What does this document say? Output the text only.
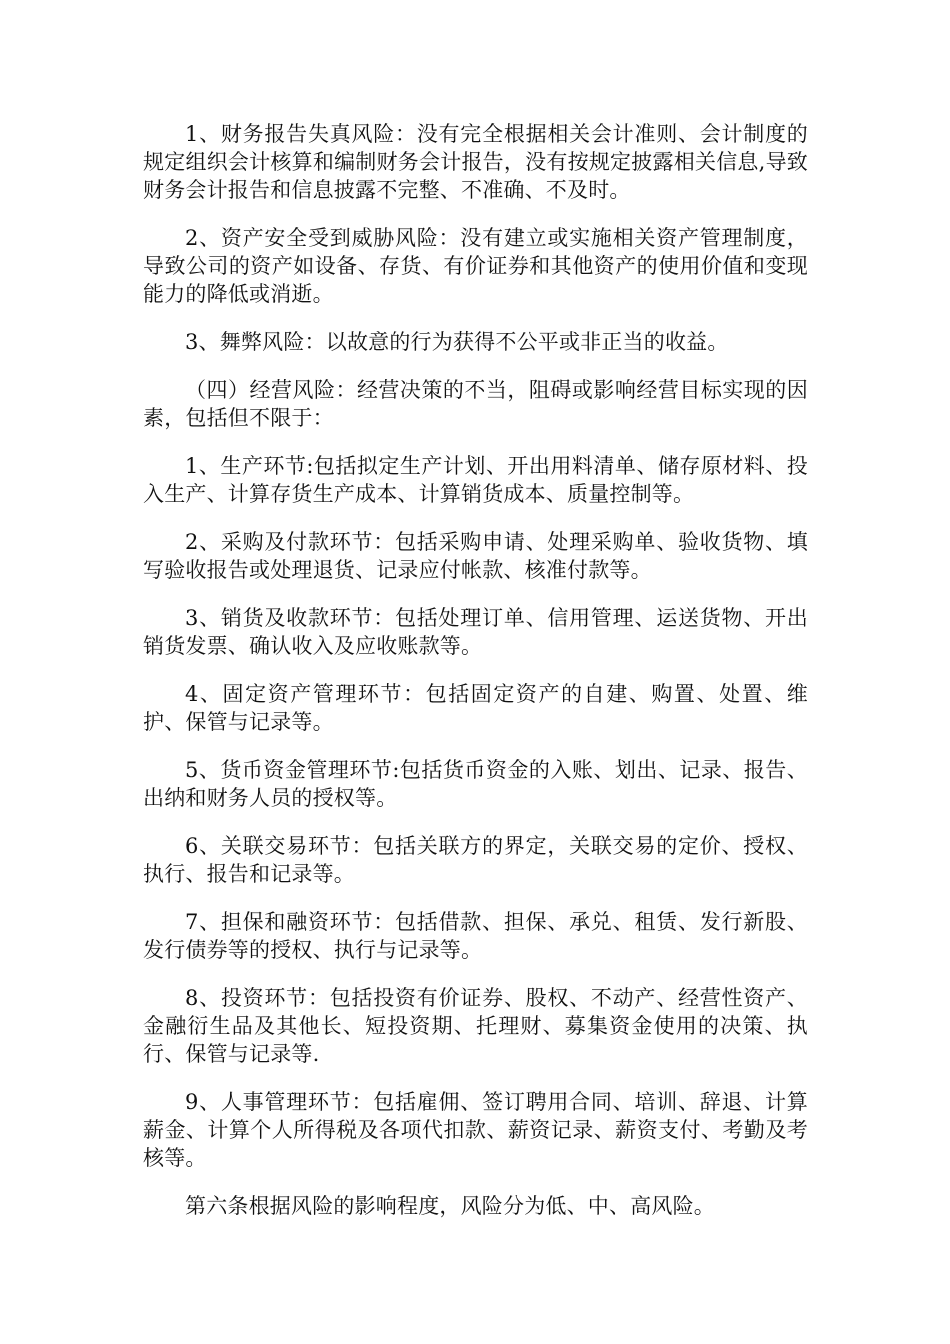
1、财务报告失真风险：没有完全根据相关会计准则、会计制度的规定组织会计核算和编制财务会计报告，没有按规定披露相关信息,导致财务会计报告和信息披露不完整、不准确、不及时。

2、资产安全受到威胁风险：没有建立或实施相关资产管理制度，导致公司的资产如设备、存货、有价证券和其他资产的使用价值和变现能力的降低或消逝。

3、舞弊风险：以故意的行为获得不公平或非正当的收益。

（四）经营风险：经营决策的不当，阻碍或影响经营目标实现的因素，包括但不限于：

1、生产环节:包括拟定生产计划、开出用料清单、储存原材料、投入生产、计算存货生产成本、计算销货成本、质量控制等。

2、采购及付款环节：包括采购申请、处理采购单、验收货物、填写验收报告或处理退货、记录应付帐款、核准付款等。

3、销货及收款环节：包括处理订单、信用管理、运送货物、开出销货发票、确认收入及应收账款等。

4、固定资产管理环节：包括固定资产的自建、购置、处置、维护、保管与记录等。

5、货币资金管理环节:包括货币资金的入账、划出、记录、报告、出纳和财务人员的授权等。

6、关联交易环节：包括关联方的界定，关联交易的定价、授权、执行、报告和记录等。

7、担保和融资环节：包括借款、担保、承兑、租赁、发行新股、发行债券等的授权、执行与记录等。

8、投资环节：包括投资有价证券、股权、不动产、经营性资产、金融衍生品及其他长、短投资期、托理财、募集资金使用的决策、执行、保管与记录等.

9、人事管理环节：包括雇佣、签订聘用合同、培训、辞退、计算薪金、计算个人所得税及各项代扣款、薪资记录、薪资支付、考勤及考核等。

第六条根据风险的影响程度，风险分为低、中、高风险。
